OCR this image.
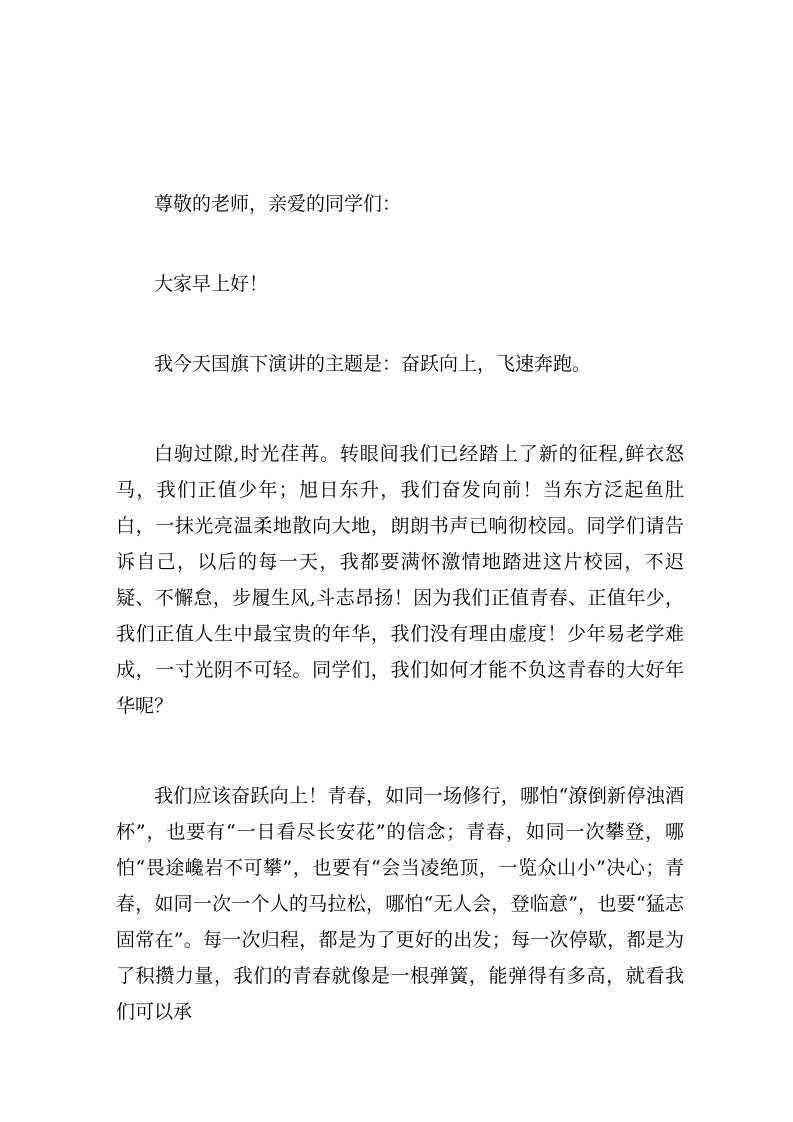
尊敬的老师，亲爱的同学们：

大家早上好！

我今天国旗下演讲的主题是：奋跃向上，飞速奔跑。

白驹过隙,时光荏苒。转眼间我们已经踏上了新的征程,鲜衣怒马，我们正值少年；旭日东升，我们奋发向前！当东方泛起鱼肚白，一抹光亮温柔地散向大地，朗朗书声已响彻校园。同学们请告诉自己，以后的每一天，我都要满怀激情地踏进这片校园，不迟疑、不懈怠，步履生风,斗志昂扬！因为我们正值青春、正值年少，我们正值人生中最宝贵的年华，我们没有理由虚度！少年易老学难成，一寸光阴不可轻。同学们，我们如何才能不负这青春的大好年华呢？

我们应该奋跃向上！青春，如同一场修行，哪怕“潦倒新停浊酒杯”，也要有“一日看尽长安花”的信念；青春，如同一次攀登，哪怕“畏途巉岩不可攀”，也要有“会当凌绝顶，一览众山小”决心；青春，如同一次一个人的马拉松，哪怕“无人会，登临意”，也要“猛志固常在”。每一次归程，都是为了更好的出发；每一次停歇，都是为了积攒力量，我们的青春就像是一根弹簧，能弹得有多高，就看我们可以承
